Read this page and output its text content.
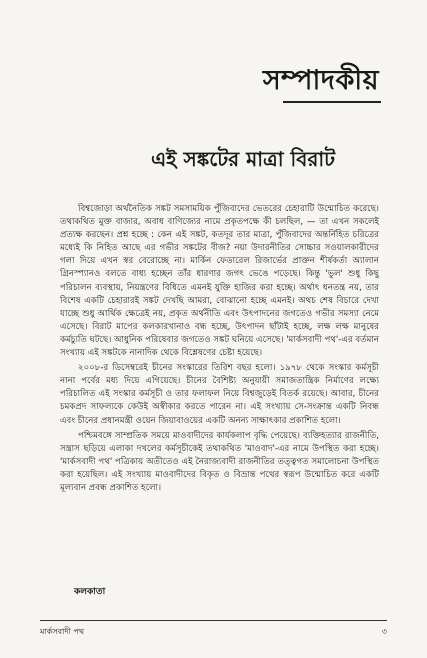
সম্পাদকীয়
এই সঙ্কটের মাত্রা বিরাট

বিশ্বজোড়া অর্থনৈতিক সঙ্কট সমসাময়িক পুঁজিবাদের ভেতরের চেহারাটি উন্মোচিত করেছে। তথাকথিত মুক্ত বাজার, অবাধ বাণিজ্যের নামে প্রকৃতপক্ষে কী চলছিল, — তা এখন সকলেই প্রত্যক্ষ করছেন। প্রশ্ন হচ্ছে : কেন এই সঙ্কট, কতদূর তার মাত্রা, পুঁজিবাদের অন্তর্নিহিত চরিত্রের মধ্যেই কি নিহিত আছে এর গভীর সঙ্কটের বীজ? নয়া উদারনীতির সোচ্চার সওয়ালকারীদের গলা দিয়ে এখন স্বর বেরোচ্ছে না। মার্কিন ফেডারেল রিজার্ভের প্রাক্তন শীর্ষকর্তা অ্যালান গ্রিনস্প্যানও বলতে বাধ্য হচ্ছেন তাঁর ধারণার জগৎ ভেঙে পড়েছে। কিন্তু 'ভুল' শুধু কিছু পরিচালন ব্যবস্থায়, নিয়ন্ত্রণের বিধিতে এমনই যুক্তি হাজির করা হচ্ছে। অর্থাৎ ধনতন্ত্র নয়, তার বিশেষ একটি চেহারারই সঙ্কট দেখছি আমরা, বোঝানো হচ্ছে এমনই। অথচ শেষ বিচারে দেখা যাচ্ছে শুধু আর্থিক ক্ষেত্রেই নয়, প্রকৃত অর্থনীতি এবং উৎপাদনের জগতেও গভীর সমস্যা নেমে এসেছে। বিরাট মাপের কলকারখানাও বন্ধ হচ্ছে, উৎপাদন ছাঁটাই হচ্ছে, লক্ষ লক্ষ মানুষের কর্মচ্যুতি ঘটছে। আধুনিক পরিষেবার জগতেও সঙ্কট ঘনিয়ে এসেছে। 'মার্কসবাদী পথ'-এর বর্তমান সংখ্যায় এই সঙ্কটকে নানাদিক থেকে বিশ্লেষণের চেষ্টা হয়েছে।

২০০৮-র ডিসেম্বরেই চীনের সংস্কারের তিরিশ বছর হলো। ১৯৭৮ থেকে সংস্কার কর্মসূচী নানা পর্বের মধ্য দিয়ে এগিয়েছে। চীনের বৈশিষ্ট্য অনুযায়ী সমাজতান্ত্রিক নির্মাণের লক্ষ্যে পরিচালিত এই সংস্কার কর্মসূচী ও তার ফলাফল নিয়ে বিশ্বজুড়েই বিতর্ক রয়েছে। আবার, চীনের চমকপ্রদ সাফল্যকে কেউই অস্বীকার করতে পারেন না। এই সংখ্যায় সে-সংক্রান্ত একটি নিবন্ধ এবং চীনের প্রধানমন্ত্রী ওয়েন জিয়াবাওয়ের একটি অনন্য সাক্ষাৎকার প্রকাশিত হলো।

পশ্চিমবঙ্গে সাম্প্রতিক সময়ে মাওবাদীদের কার্যকলাপ বৃদ্ধি পেয়েছে। ব্যক্তিহত্যার রাজনীতি, সন্ত্রাস ছড়িয়ে এলাকা দখলের কর্মসূচীকেই তথাকথিত 'মাওবাদ'-এর নামে উপস্থিত করা হচ্ছে। 'মার্কসবাদী পথ' পত্রিকায় অতীতেও এই নৈরাজ্যবাদী রাজনীতির তত্ত্বগত সমালোচনা উপস্থিত করা হয়েছিল। এই সংখ্যায় মাওবাদীদের বিকৃত ও বিভ্রান্ত পথের স্বরূপ উন্মোচিত করে একটি মূল্যবান প্রবন্ধ প্রকাশিত হলো।

কলকাতা
মার্কসবাদী পথ	৩
